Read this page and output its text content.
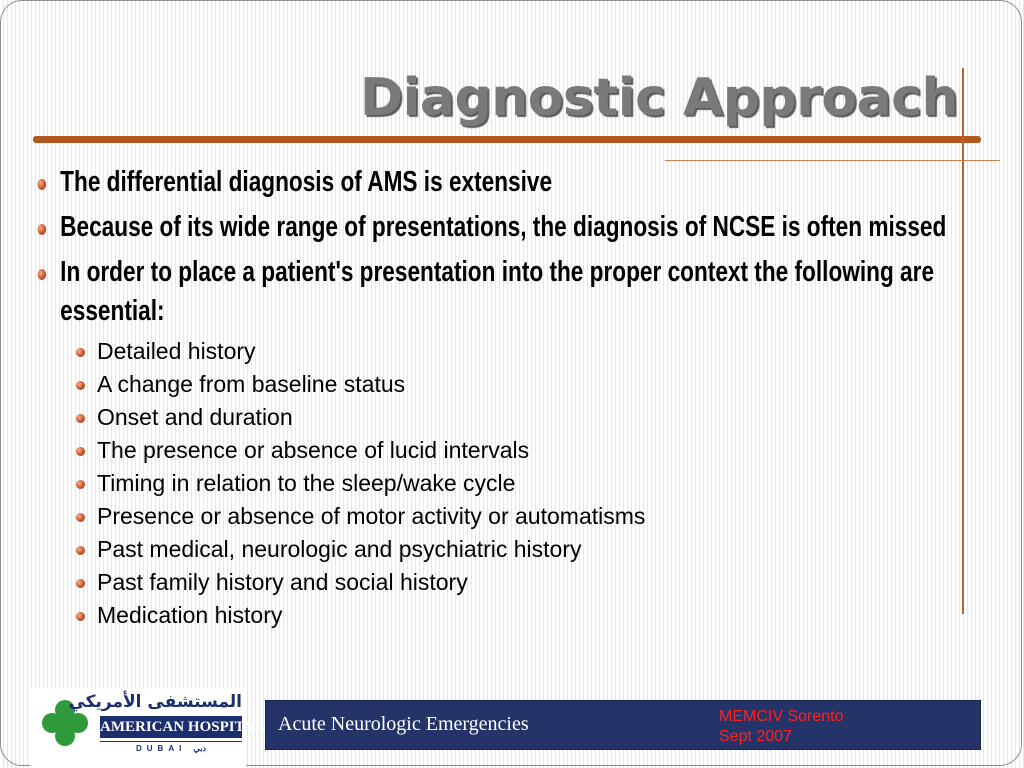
Diagnostic Approach
The differential diagnosis of AMS is extensive
Because of its wide range of presentations, the diagnosis of NCSE is often missed
In order to place a patient's presentation into the proper context the following are essential:
Detailed history
A change from baseline status
Onset and duration
The presence or absence of lucid intervals
Timing in relation to the sleep/wake cycle
Presence or absence of motor activity or automatisms
Past medical, neurologic and psychiatric history
Past family history and social history
Medication history
المستشفى الأمريكي
AMERICAN HOSPITAL
DUBAI دبي
Acute Neurologic Emergencies	MEMCIV Sorento
Sept 2007
